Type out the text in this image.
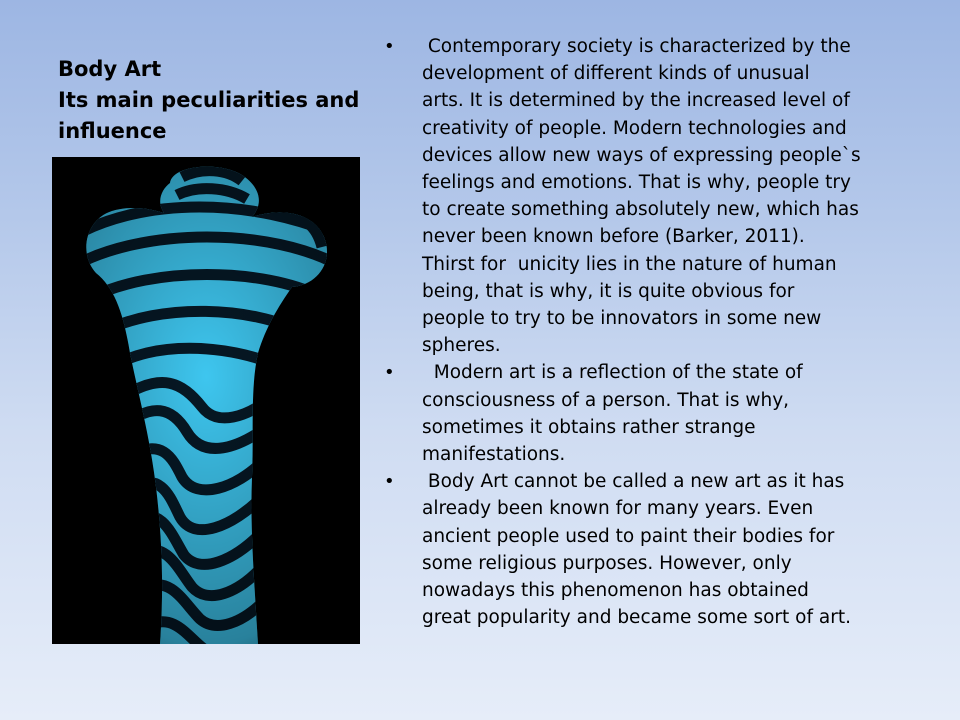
Body Art
Its main peculiarities and
influence
•	Contemporary society is characterized by the
development of different kinds of unusual
arts. It is determined by the increased level of
creativity of people. Modern technologies and
devices allow new ways of expressing people`s
feelings and emotions. That is why, people try
to create something absolutely new, which has
never been known before (Barker, 2011).
Thirst for  unicity lies in the nature of human
being, that is why, it is quite obvious for
people to try to be innovators in some new
spheres.
•	Modern art is a reflection of the state of
consciousness of a person. That is why,
sometimes it obtains rather strange
manifestations.
•	Body Art cannot be called a new art as it has
already been known for many years. Even
ancient people used to paint their bodies for
some religious purposes. However, only
nowadays this phenomenon has obtained
great popularity and became some sort of art.
